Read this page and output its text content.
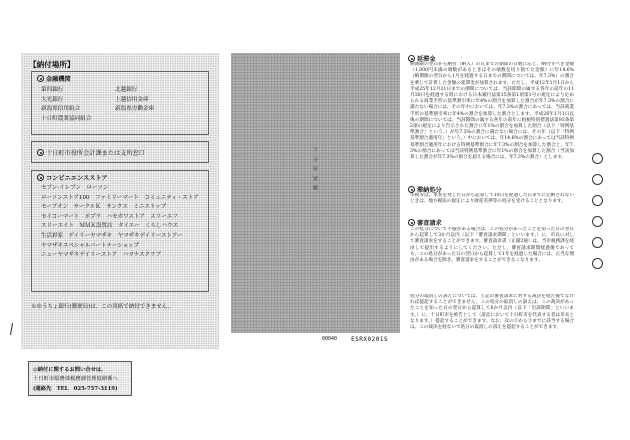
【納付場所】
金融機関
第四銀行	北越銀行
大光銀行	上越信用金庫
新潟県信用組合	新潟県労働金庫
十日町農業協同組合
十日町市役所会計課または支所窓口
コンビニエンスストア
セブン-イレブン　ローソン
ローソンストア100　ファミリーマート　コミュニティ・ストア
セーブオン　サークルＫ　サンクス　ミニストップ
セイコーマート　ポプラ　ハセガワストア　スリーエフ
スリーエイト　ＭＭＫ設置店　タイエー　くらしハウス
生活彩家　デイリーヤマザキ　ヤマザキデイリーストアー
ヤマザキスペシャルパートナーショップ
ニューヤマザキデイリーストア　ハマナスクラブ
※ゆうちょ銀行(郵便局)は、この用紙で納付できません。
◎納付に関するお問い合せは、
十日町市総務部税務課管理収納係へ
(連絡先　TEL　025-757-3119)
十　分　厚　留　糊
00040 ESRX0201S
延滞金
納期限の翌日から納付（納入）の日までの期間の日数に応じ、納付すべき金額（1,000円未満の端数があるときはその端数を切り捨てた金額）に年14.6%（納期限の翌日から1月を経過する日までの期間については、年7.3%）の割合を乗じて計算した金額の延滞金が加算されます。ただし、平成12年1月1日から平成25年12月31日までの期間については、当該期間の属する各年の前年の11月30日を経過する時における日本銀行法第15条第1項第1号の規定により定められる商業手形の基準割引率に年4%の割合を加算した割合が年7.3%の割合に満たない場合には、その年中においては、年7.3%の割合にあっては、当該商業手形の基準割引率に年4%の割合を加算した割合とします。平成26年1月1日以後の期間については、当該期間の属する各年の前年に租税特別措置法第93条第2項の規定により告示された割合に年1%の割合を加算した割合（以下「特例基準割合」という。）が年7.3%の割合に満たない場合には、その年（以下「特例基準割合適用年」という。）中においては、年14.6%の割合にあっては当該特例基準割合適用年における特例基準割合に年7.3%の割合を加算した割合と、年7.3%の割合にあっては当該特例基準割合に年1%の割合を加算した割合（当該加算した割合が年7.3%の割合を超える場合には、年7.3%の割合）とします。
滞納処分
市税等は、本状を発した日から起算して10日を経過した日までに完納されないときは、地方税法の規定により財産差押等の処分を受けることとなります。
審査請求
この処分について不服がある場合は、この処分があったことを知った日の翌日から起算して3か月以内（以下「審査請求期間」といいます。）に、市長に対して審査請求をすることができます。審査請求書（正副2通）は、当市税務課を経由して提出するようにしてください。ただし、審査請求期間経過後であっても、この処分があった日の翌日から起算して1年を経過した場合には、正当な理由がある場合を除き、審査請求をすることができなくなります。
処分の取消しの訴えについては、上記の審査請求に対する裁決を経た後でなければ提起することができません。この処分の取消しの訴えは、この裁決があったことを知った日の翌日から起算して6か月以内（以下「出訴期間」といいます。）に、十日町市を被告として（訴訟において十日町市を代表する者は市長となります。）提起することができます。なお、次の①から③までに該当する場合は、この裁決を経ないで処分の取消しの訴えを提起することができます。
